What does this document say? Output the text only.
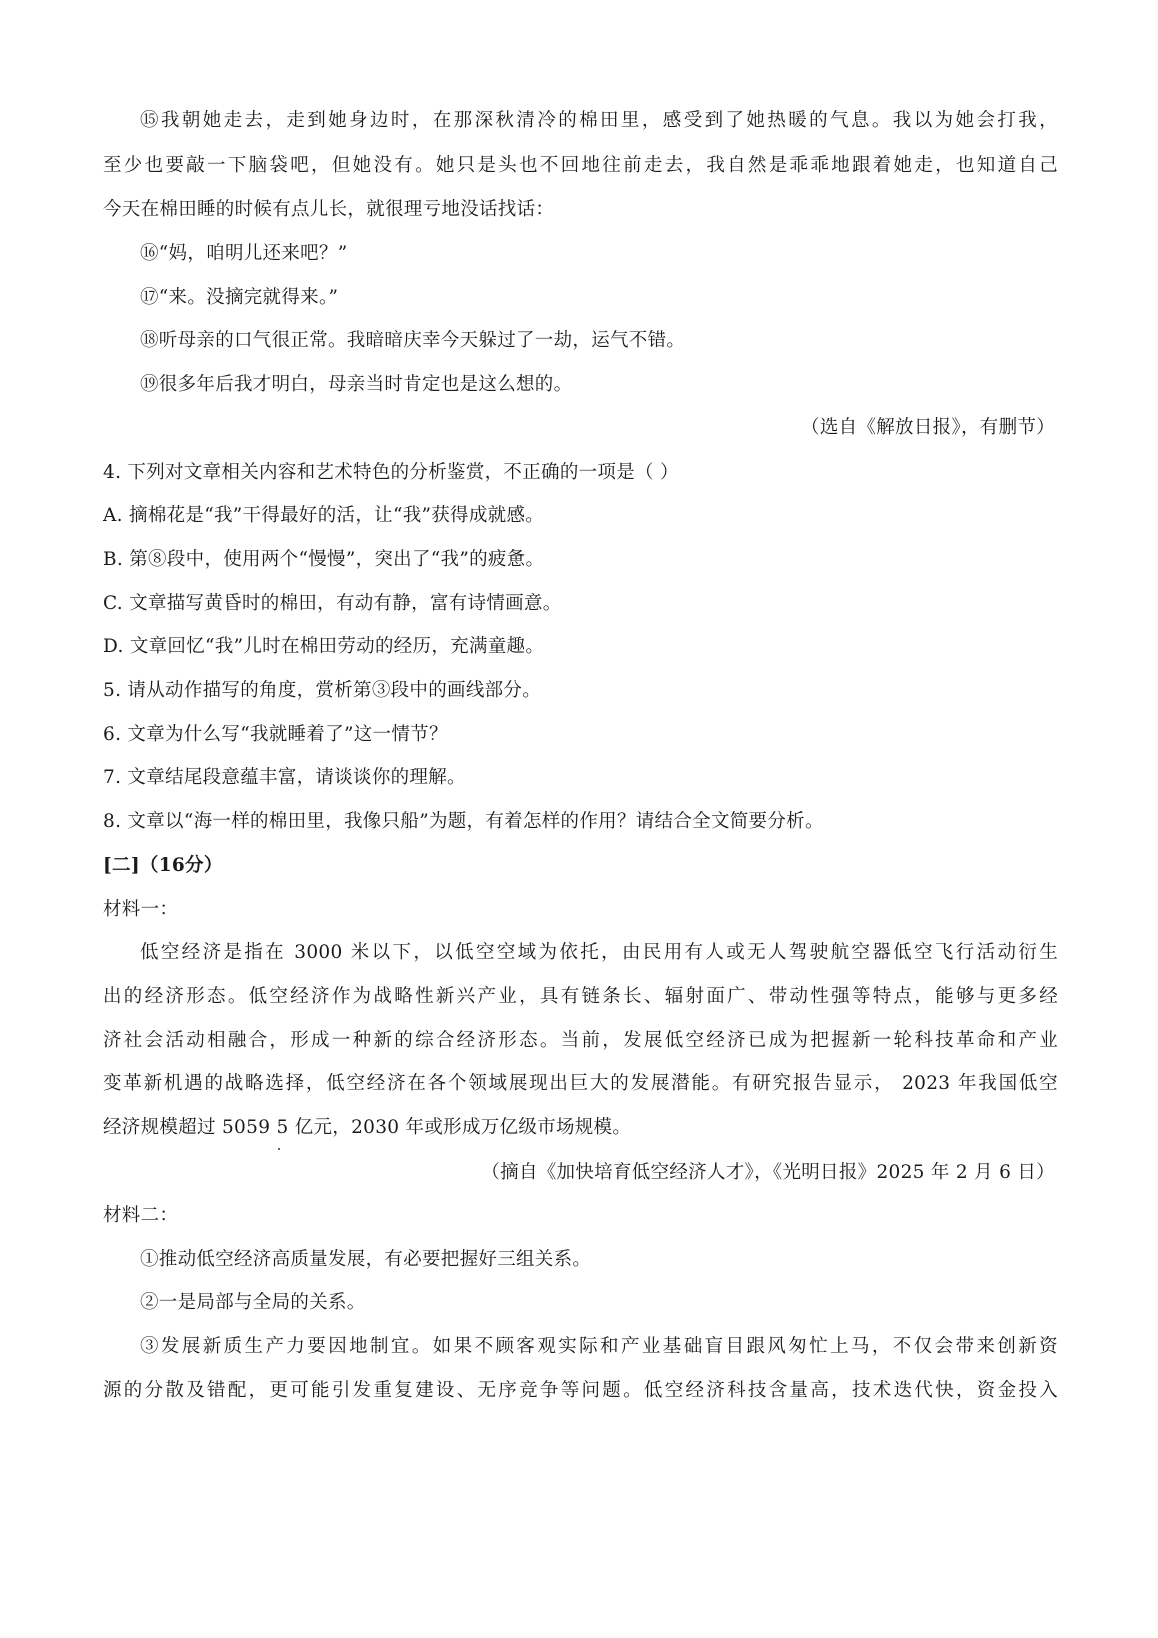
⑮我朝她走去，走到她身边时，在那深秋清冷的棉田里，感受到了她热暖的气息。我以为她会打我，
至少也要敲一下脑袋吧，但她没有。她只是头也不回地往前走去，我自然是乖乖地跟着她走，也知道自己
今天在棉田睡的时候有点儿长，就很理亏地没话找话：
⑯“妈，咱明儿还来吧？”
⑰“来。没摘完就得来。”
⑱听母亲的口气很正常。我暗暗庆幸今天躲过了一劫，运气不错。
⑲很多年后我才明白，母亲当时肯定也是这么想的。
（选自《解放日报》，有删节）
4. 下列对文章相关内容和艺术特色的分析鉴赏，不正确的一项是（ ）
A. 摘棉花是“我”干得最好的活，让“我”获得成就感。
B. 第⑧段中，使用两个“慢慢”，突出了“我”的疲惫。
C. 文章描写黄昏时的棉田，有动有静，富有诗情画意。
D. 文章回忆“我”儿时在棉田劳动的经历，充满童趣。
5. 请从动作描写的角度，赏析第③段中的画线部分。
6. 文章为什么写“我就睡着了”这一情节？
7. 文章结尾段意蕴丰富，请谈谈你的理解。
8. 文章以“海一样的棉田里，我像只船”为题，有着怎样的作用？请结合全文简要分析。
[二]（16分）
材料一：
低空经济是指在 3000 米以下，以低空空域为依托，由民用有人或无人驾驶航空器低空飞行活动衍生
出的经济形态。低空经济作为战略性新兴产业，具有链条长、辐射面广、带动性强等特点，能够与更多经
济社会活动相融合，形成一种新的综合经济形态。当前，发展低空经济已成为把握新一轮科技革命和产业
变革新机遇的战略选择，低空经济在各个领域展现出巨大的发展潜能。有研究报告显示， 2023 年我国低空
经济规模超过 5059 5 亿元，2030 年或形成万亿级市场规模。
（摘自《加快培育低空经济人才》，《光明日报》2025 年 2 月 6 日）
材料二：
①推动低空经济高质量发展，有必要把握好三组关系。
②一是局部与全局的关系。
③发展新质生产力要因地制宜。如果不顾客观实际和产业基础盲目跟风匆忙上马，不仅会带来创新资
源的分散及错配，更可能引发重复建设、无序竞争等问题。低空经济科技含量高，技术迭代快，资金投入
